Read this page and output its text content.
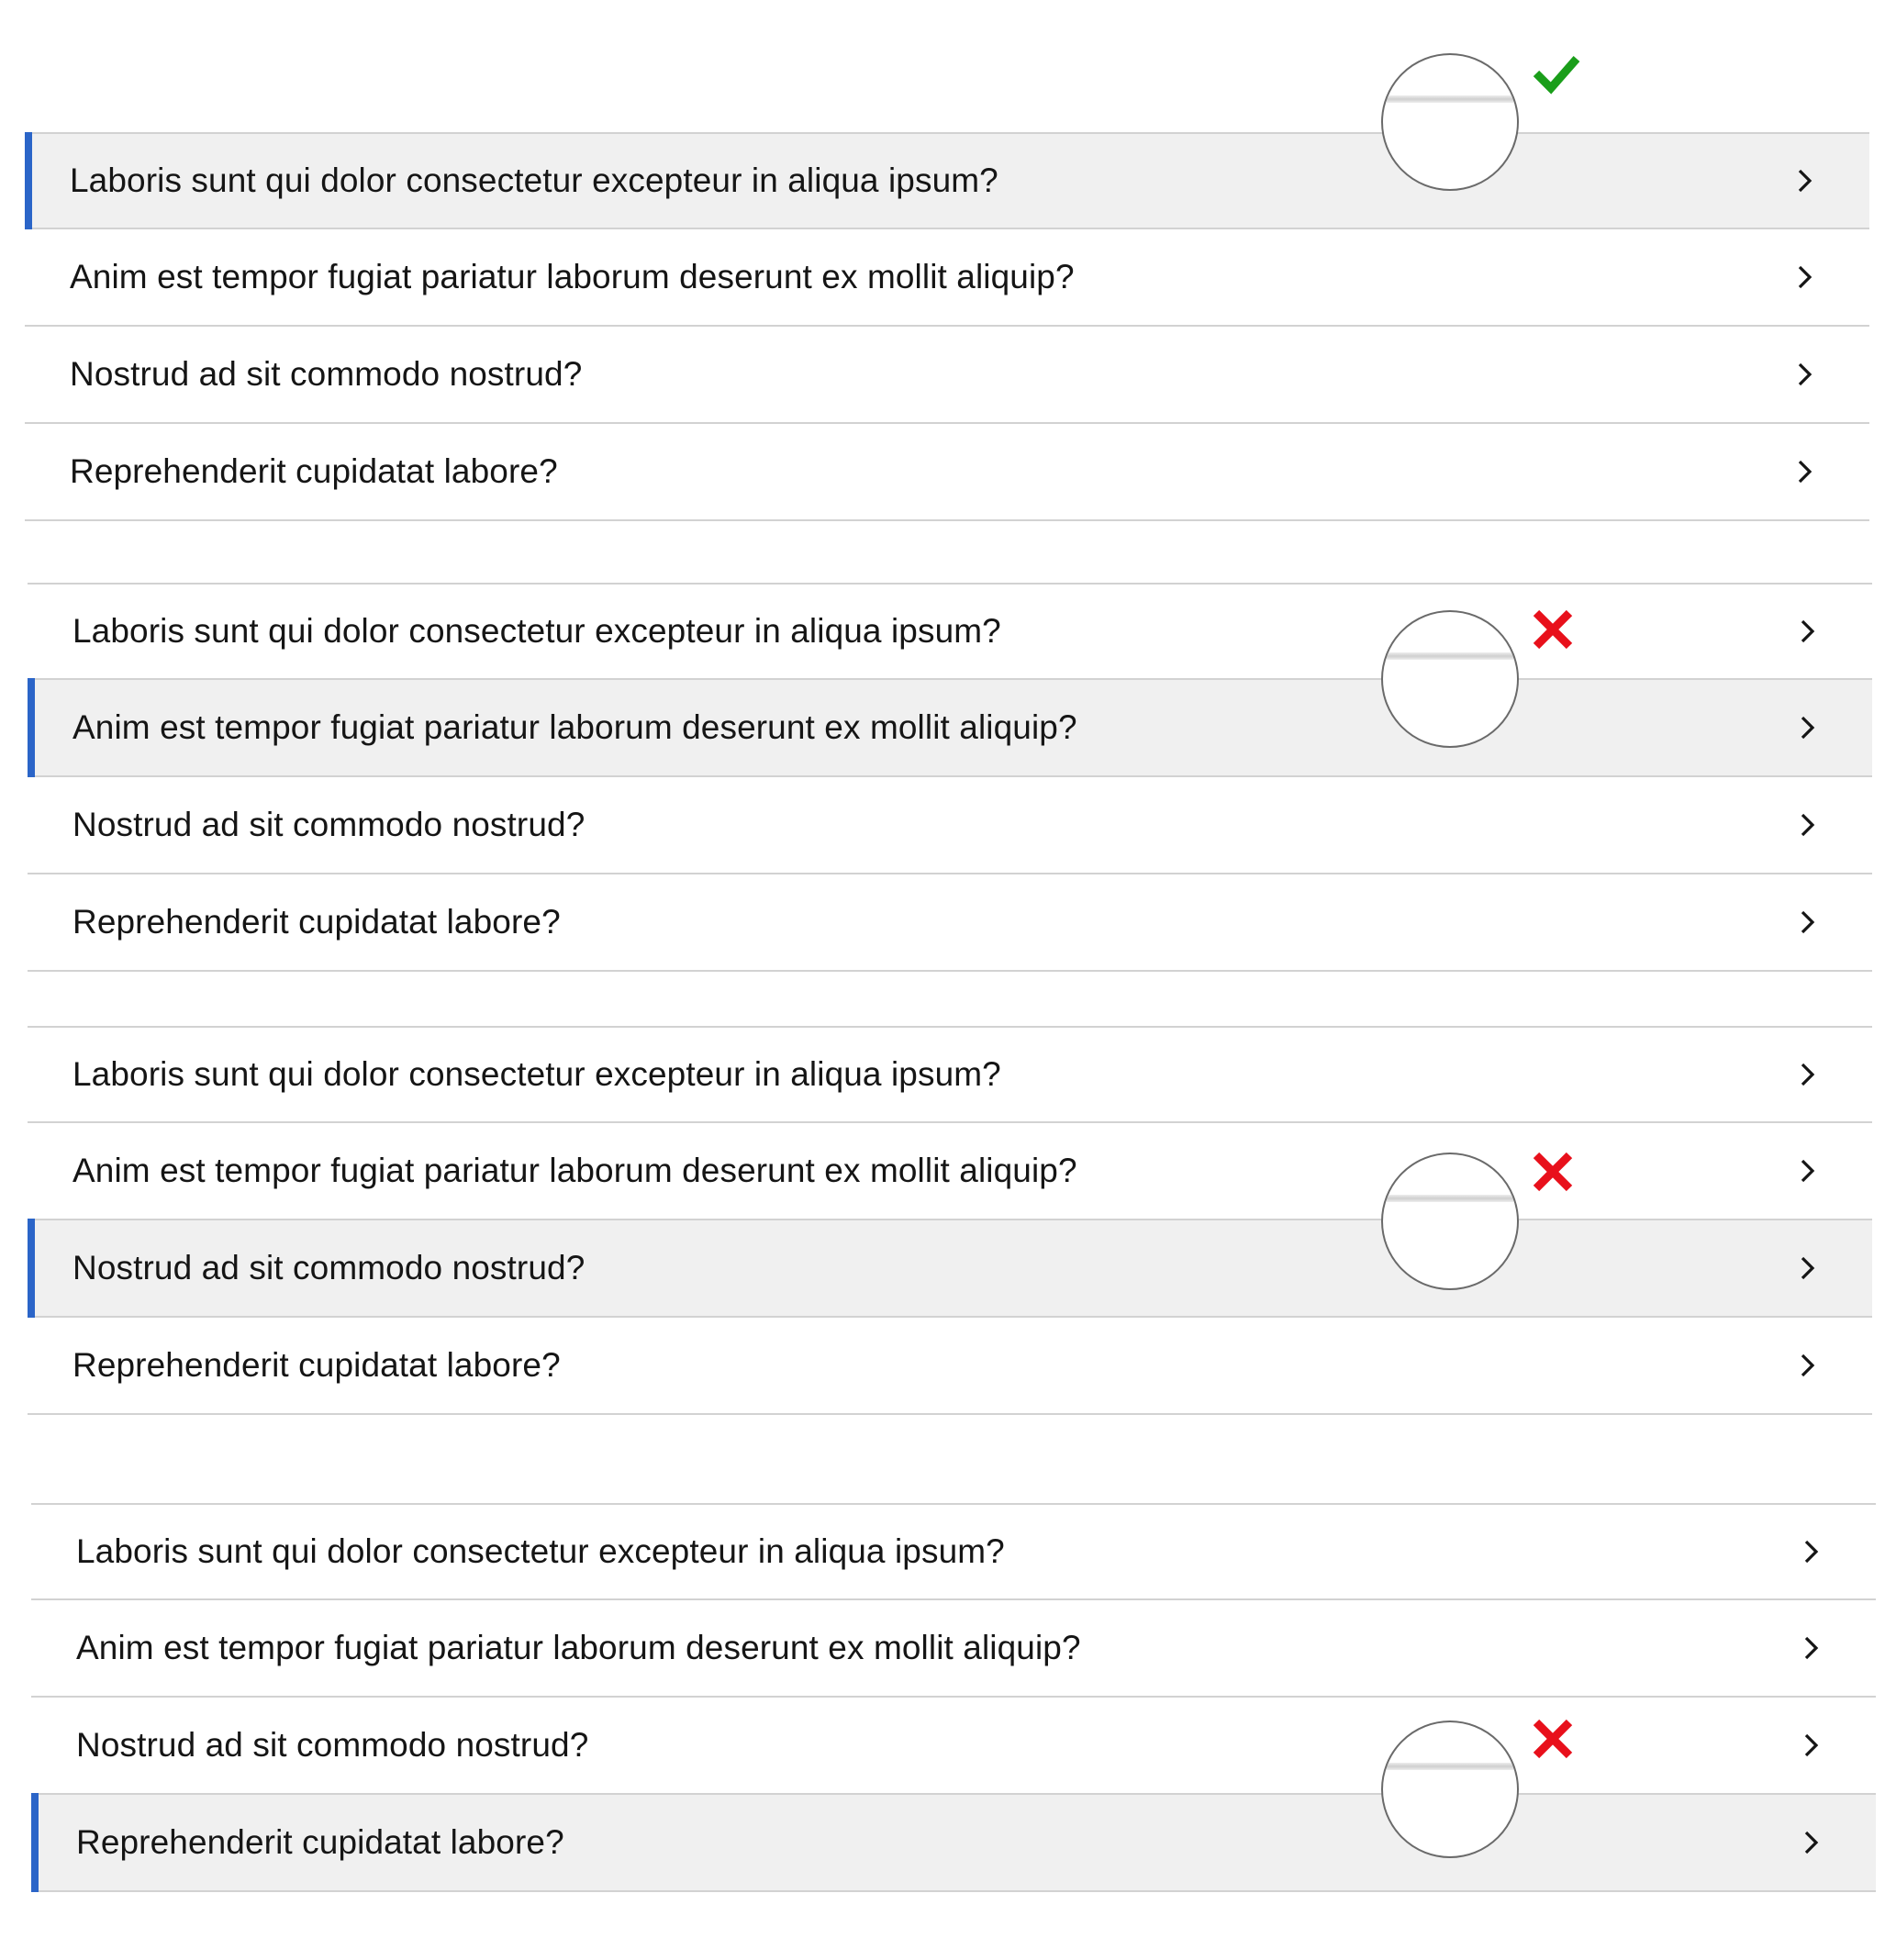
Laboris sunt qui dolor consectetur excepteur in aliqua ipsum?
Anim est tempor fugiat pariatur laborum deserunt ex mollit aliquip?
Nostrud ad sit commodo nostrud?
Reprehenderit cupidatat labore?
Laboris sunt qui dolor consectetur excepteur in aliqua ipsum?
Anim est tempor fugiat pariatur laborum deserunt ex mollit aliquip?
Nostrud ad sit commodo nostrud?
Reprehenderit cupidatat labore?
Laboris sunt qui dolor consectetur excepteur in aliqua ipsum?
Anim est tempor fugiat pariatur laborum deserunt ex mollit aliquip?
Nostrud ad sit commodo nostrud?
Reprehenderit cupidatat labore?
Laboris sunt qui dolor consectetur excepteur in aliqua ipsum?
Anim est tempor fugiat pariatur laborum deserunt ex mollit aliquip?
Nostrud ad sit commodo nostrud?
Reprehenderit cupidatat labore?
